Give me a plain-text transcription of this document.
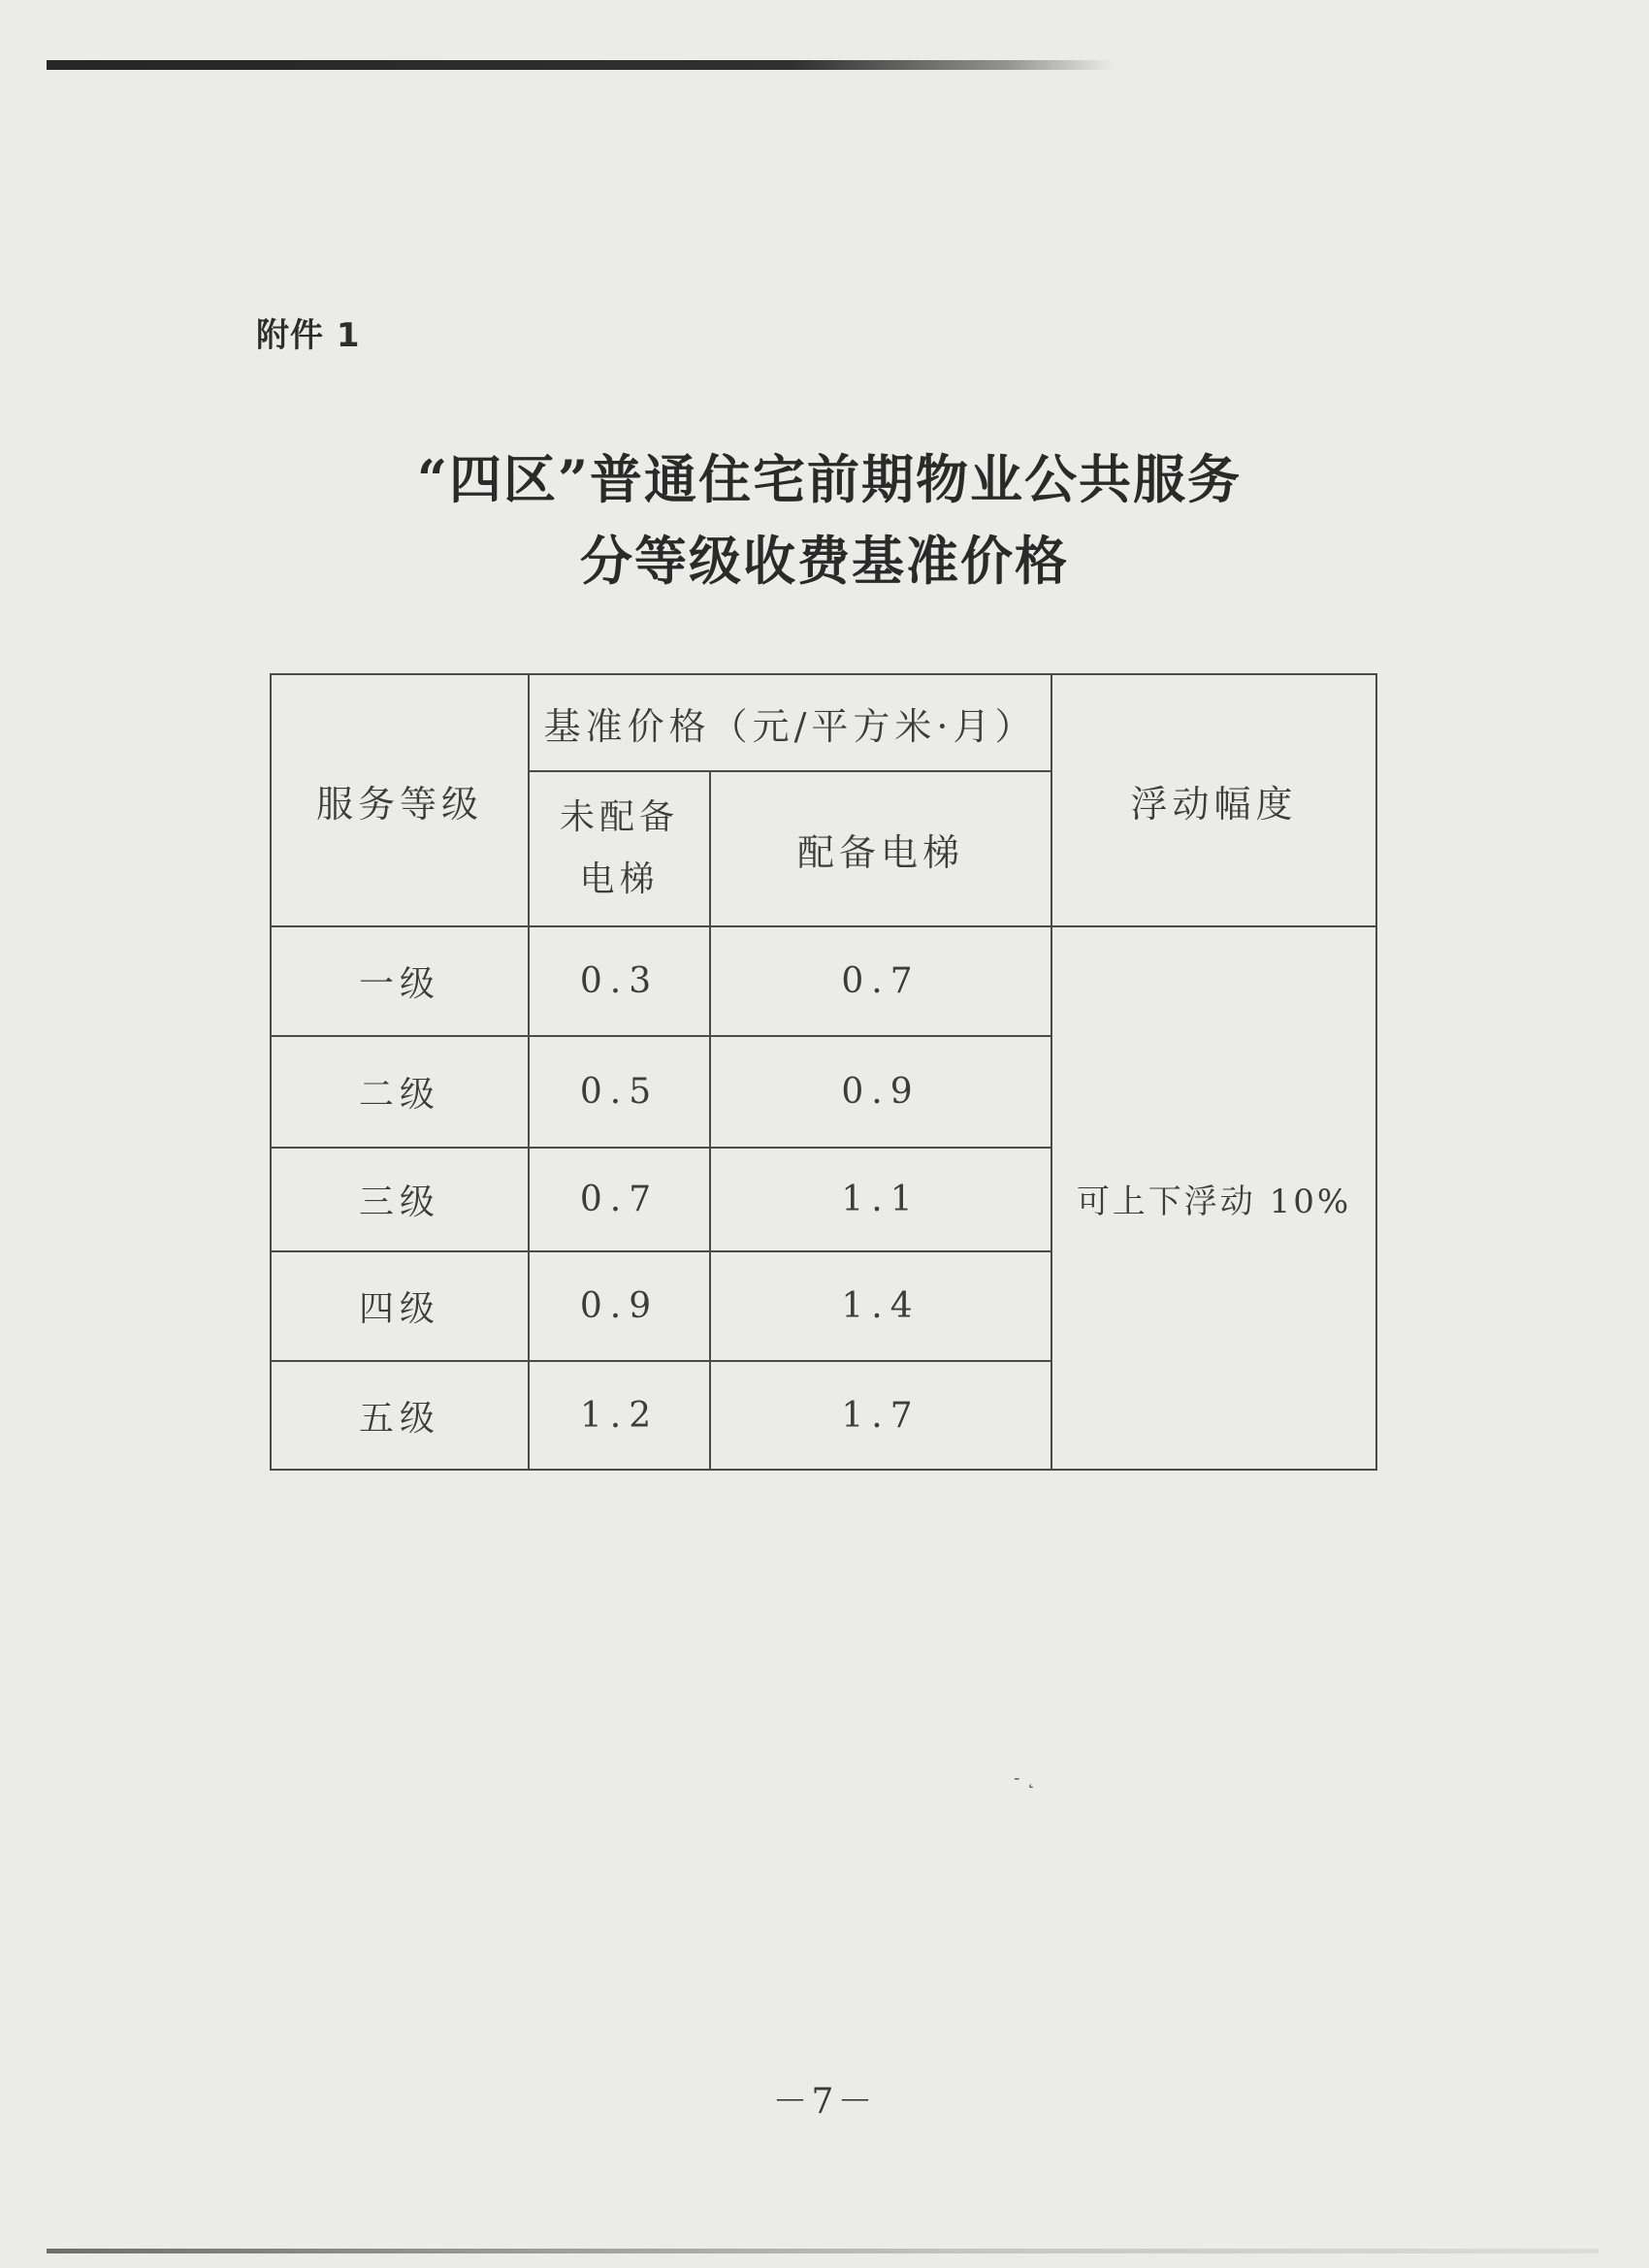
附件 1
“四区”普通住宅前期物业公共服务
分等级收费基准价格
服务等级	基准价格（元/平方米·月）		浮动幅度
	未配备电梯	配备电梯	
一级	0.3	0.7	可上下浮动 10%
二级	0.5	0.9	
三级	0.7	1.1	
四级	0.9	1.4	
五级	1.2	1.7	
˗ ˛
－7－
